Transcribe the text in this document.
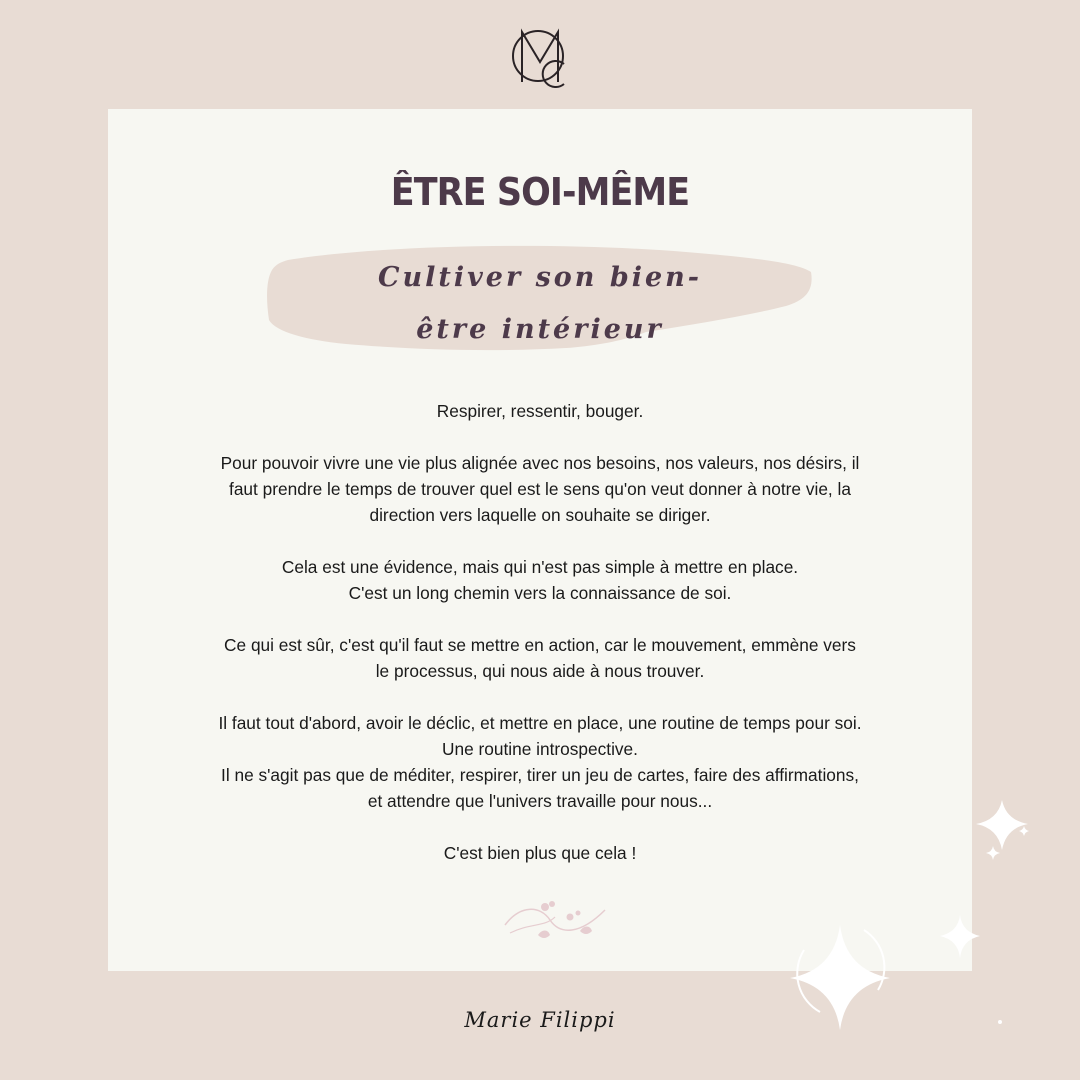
ÊTRE SOI-MÊME
Cultiver son bien-
être intérieur

Respirer, ressentir, bouger.

Pour pouvoir vivre une vie plus alignée avec nos besoins, nos valeurs, nos désirs, il
faut prendre le temps de trouver quel est le sens qu'on veut donner à notre vie, la
direction vers laquelle on souhaite se diriger.

Cela est une évidence, mais qui n'est pas simple à mettre en place.
C'est un long chemin vers la connaissance de soi.

Ce qui est sûr, c'est qu'il faut se mettre en action, car le mouvement, emmène vers
le processus, qui nous aide à nous trouver.

Il faut tout d'abord, avoir le déclic, et mettre en place, une routine de temps pour soi.
Une routine introspective.
Il ne s'agit pas que de méditer, respirer, tirer un jeu de cartes, faire des affirmations,
et attendre que l'univers travaille pour nous...

C'est bien plus que cela !

Marie Filippi
